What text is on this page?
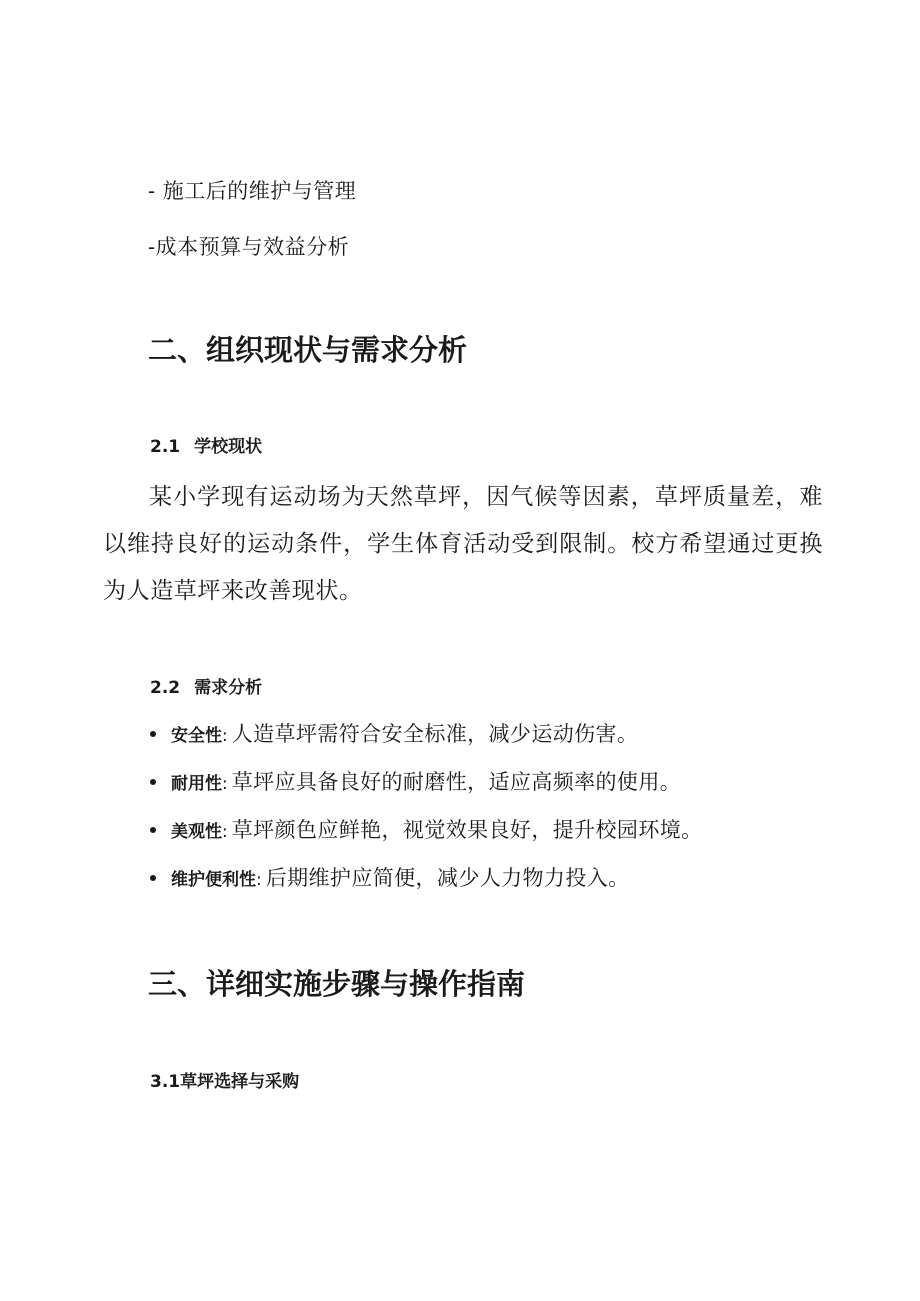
- 施工后的维护与管理
-成本预算与效益分析
二、组织现状与需求分析
2.1 学校现状
某小学现有运动场为天然草坪，因气候等因素，草坪质量差，难以维持良好的运动条件，学生体育活动受到限制。校方希望通过更换为人造草坪来改善现状。
2.2 需求分析
安全性: 人造草坪需符合安全标准，减少运动伤害。
耐用性: 草坪应具备良好的耐磨性，适应高频率的使用。
美观性: 草坪颜色应鲜艳，视觉效果良好，提升校园环境。
维护便利性: 后期维护应简便，减少人力物力投入。
三、详细实施步骤与操作指南
3.1草坪选择与采购
